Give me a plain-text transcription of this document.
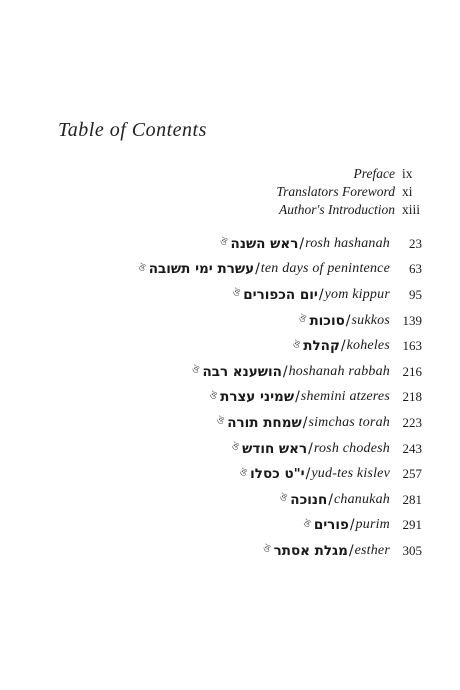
Table of Contents
Preface ix
Translators Foreword xi
Author's Introduction xiii
ঔ ראש השנה / rosh hashanah	23
ঔ עשרת ימי תשובה / ten days of penintence	63
ঔ יום הכפורים / yom kippur	95
ঔ סוכות / sukkos 139
ঔ קהלת / koheles 163
ঔ הושענא רבה / hoshanah rabbah 216
ঔ שמיני עצרת / shemini atzeres 218
ঔ שמחת תורה / simchas torah 223
ঔ ראש חודש / rosh chodesh 243
ঔ י"ט כסלו / yud-tes kislev 257
ঔ חנוכה / chanukah 281
ঔ פורים / purim 291
ঔ מגלת אסתר / esther 305
